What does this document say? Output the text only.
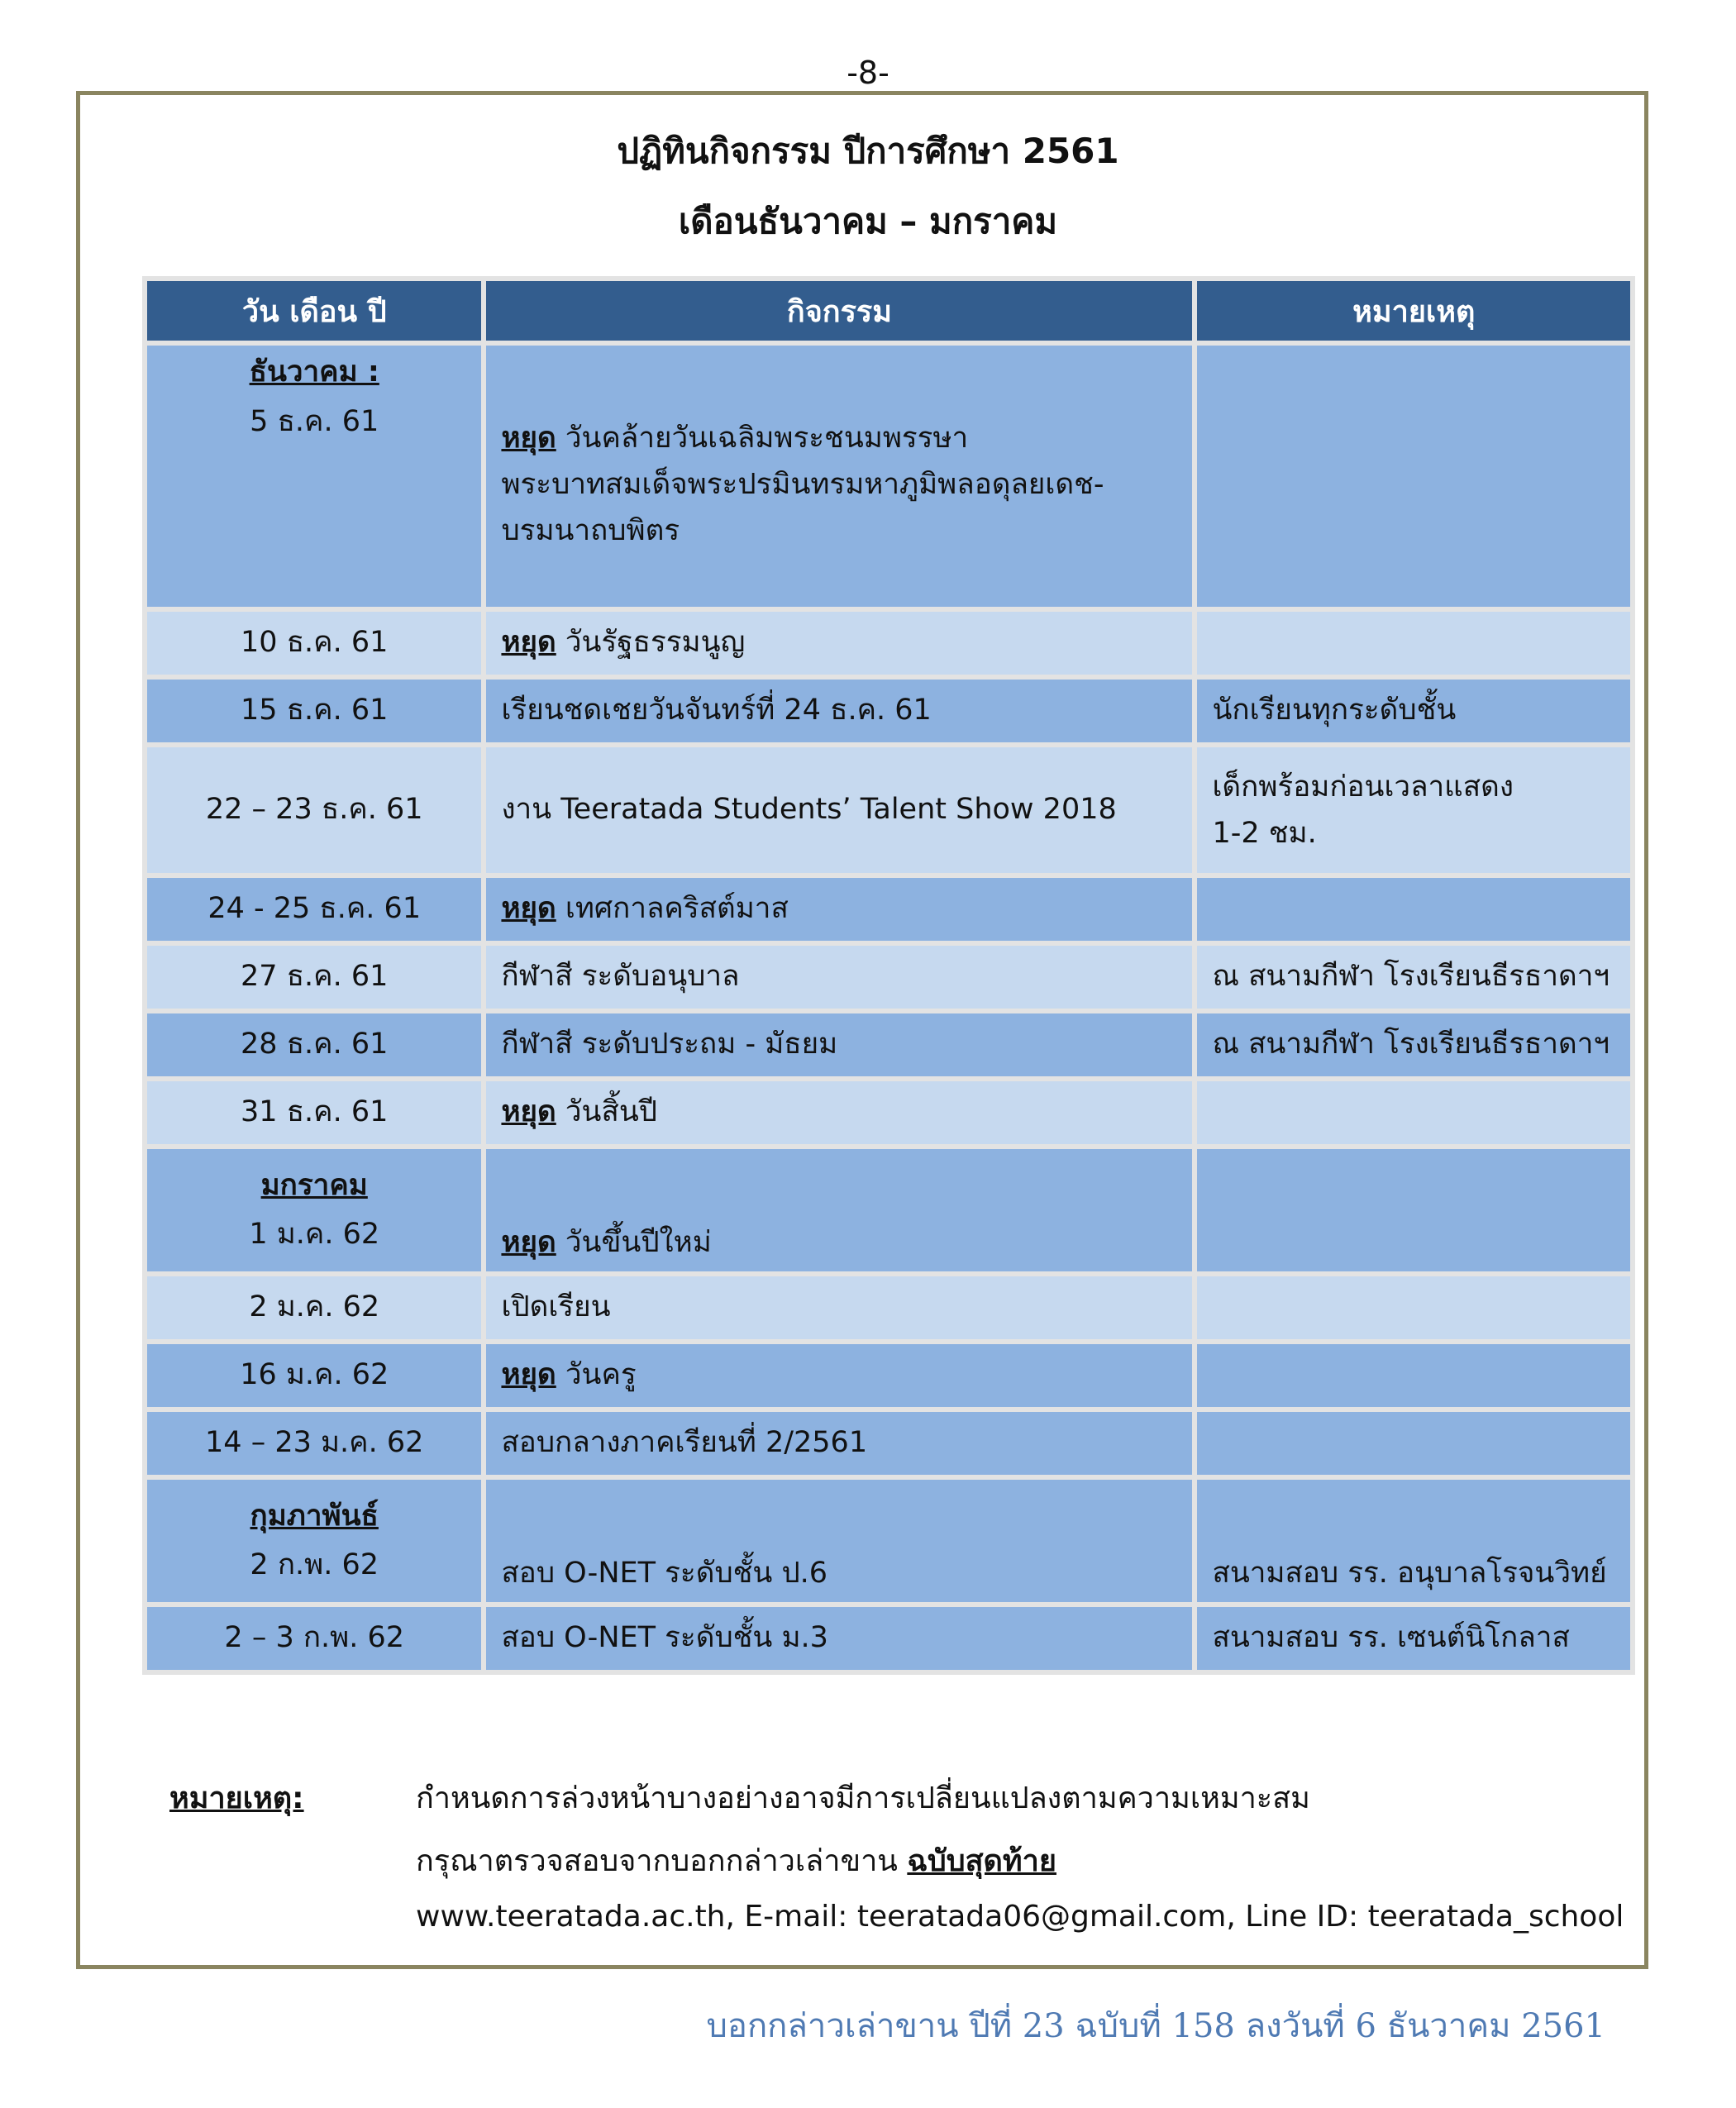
-8-
ปฏิทินกิจกรรม ปีการศึกษา 2561
เดือนธันวาคม – มกราคม
วัน เดือน ปี	กิจกรรม	หมายเหตุ

ธันวาคม :
5 ธ.ค. 61	หยุด วันคล้ายวันเฉลิมพระชนมพรรษา
พระบาทสมเด็จพระปรมินทรมหาภูมิพลอดุลยเดช-
บรมนาถบพิตร	
10 ธ.ค. 61	หยุด วันรัฐธรรมนูญ	
15 ธ.ค. 61	เรียนชดเชยวันจันทร์ที่ 24 ธ.ค. 61	นักเรียนทุกระดับชั้น
22 – 23 ธ.ค. 61	งาน Teeratada Students’ Talent Show 2018	เด็กพร้อมก่อนเวลาแสดง
1-2 ชม.
24 - 25 ธ.ค. 61	หยุด เทศกาลคริสต์มาส	
27 ธ.ค. 61	กีฬาสี ระดับอนุบาล	ณ สนามกีฬา โรงเรียนธีรธาดาฯ
28 ธ.ค. 61	กีฬาสี ระดับประถม - มัธยม	ณ สนามกีฬา โรงเรียนธีรธาดาฯ
31 ธ.ค. 61	หยุด วันสิ้นปี	

มกราคม
1 ม.ค. 62	หยุด วันขึ้นปีใหม่	
2 ม.ค. 62	เปิดเรียน	
16 ม.ค. 62	หยุด วันครู	
14 – 23 ม.ค. 62	สอบกลางภาคเรียนที่ 2/2561	

กุมภาพันธ์
2 ก.พ. 62	สอบ O-NET ระดับชั้น ป.6	สนามสอบ รร. อนุบาลโรจนวิทย์
2 – 3 ก.พ. 62	สอบ O-NET ระดับชั้น ม.3	สนามสอบ รร. เซนต์นิโกลาส
หมายเหตุ:	กำหนดการล่วงหน้าบางอย่างอาจมีการเปลี่ยนแปลงตามความเหมาะสม
กรุณาตรวจสอบจากบอกกล่าวเล่าขาน ฉบับสุดท้าย
www.teeratada.ac.th, E-mail: teeratada06@gmail.com, Line ID: teeratada_school
บอกกล่าวเล่าขาน ปีที่ 23 ฉบับที่ 158 ลงวันที่ 6 ธันวาคม 2561
